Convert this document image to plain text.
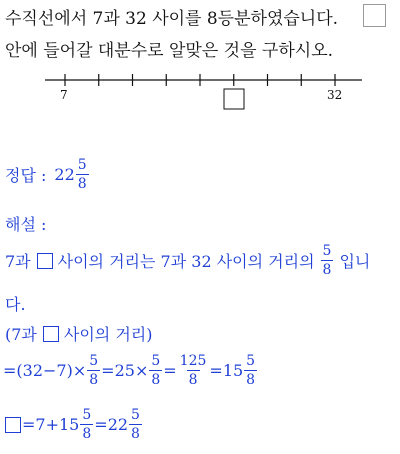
수직선에서 7과 32 사이를 8등분하였습니다.
안에 들어갈 대분수로 알맞은 것을 구하시오.
7	32
정답 : $22 \frac{5}{8}$
해설 :
7과 사이의 거리는 7과 32 사이의 거리의 $\frac{5}{8}$ 입니
다.
(7과 사이의 거리)
$=(32-7)\times \frac{5}{8} =25\times \frac{5}{8} = \frac{125}{8} =15 \frac{5}{8}$
$=7+15 \frac{5}{8} =22 \frac{5}{8}$
